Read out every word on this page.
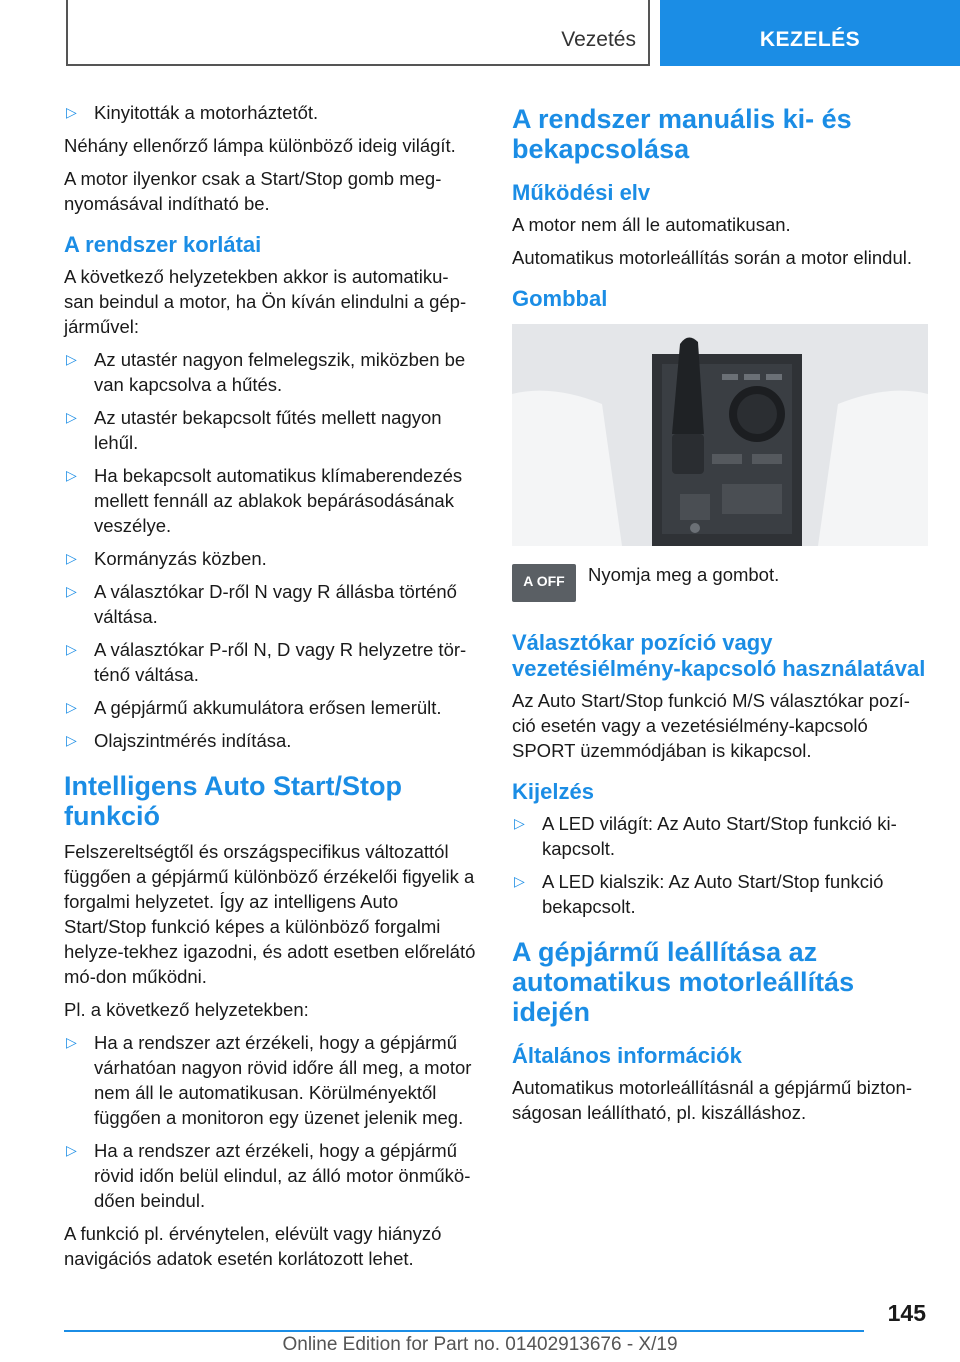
Vezetés	KEZELÉS
▷ Kinyitották a motorháztetőt.

Néhány ellenőrző lámpa különböző ideig világít.

A motor ilyenkor csak a Start/Stop gomb meg-nyomásával indítható be.

A rendszer korlátai

A következő helyzetekben akkor is automatiku-san beindul a motor, ha Ön kíván elindulni a gép-járművel:

▷ Az utastér nagyon felmelegszik, miközben be van kapcsolva a hűtés.
▷ Az utastér bekapcsolt fűtés mellett nagyon lehűl.
▷ Ha bekapcsolt automatikus klímaberendezés mellett fennáll az ablakok bepárásodásának veszélye.
▷ Kormányzás közben.
▷ A választókar D-ről N vagy R állásba történő váltása.
▷ A választókar P-ről N, D vagy R helyzetre tör-ténő váltása.
▷ A gépjármű akkumulátora erősen lemerült.
▷ Olajszintmérés indítása.
Intelligens Auto Start/Stop funkció

Felszereltségtől és országspecifikus változattól függően a gépjármű különböző érzékelői figyelik a forgalmi helyzetet. Így az intelligens Auto Start/Stop funkció képes a különböző forgalmi helyze-tekhez igazodni, és adott esetben előrelátó mó-don működni.

Pl. a következő helyzetekben:

▷ Ha a rendszer azt érzékeli, hogy a gépjármű várhatóan nagyon rövid időre áll meg, a motor nem áll le automatikusan. Körülményektől függően a monitoron egy üzenet jelenik meg.
▷ Ha a rendszer azt érzékeli, hogy a gépjármű rövid időn belül elindul, az álló motor önműkö-dően beindul.

A funkció pl. érvénytelen, elévült vagy hiányzó navigációs adatok esetén korlátozott lehet.

A rendszer manuális ki- és bekapcsolása
Működési elv

A motor nem áll le automatikusan.

Automatikus motorleállítás során a motor elindul.

Gombbal
A OFF	Nyomja meg a gombot.
Választókar pozíció vagy vezetésiélmény-kapcsoló használatával

Az Auto Start/Stop funkció M/S választókar pozí-ció esetén vagy a vezetésiélmény-kapcsoló SPORT üzemmódjában is kikapcsol.

Kijelzés
▷ A LED világít: Az Auto Start/Stop funkció ki-kapcsolt.
▷ A LED kialszik: Az Auto Start/Stop funkció bekapcsolt.
A gépjármű leállítása az automatikus motorleállítás idején
Általános információk

Automatikus motorleállításnál a gépjármű bizton-ságosan leállítható, pl. kiszálláshoz.

145
Online Edition for Part no. 01402913676 - X/19
